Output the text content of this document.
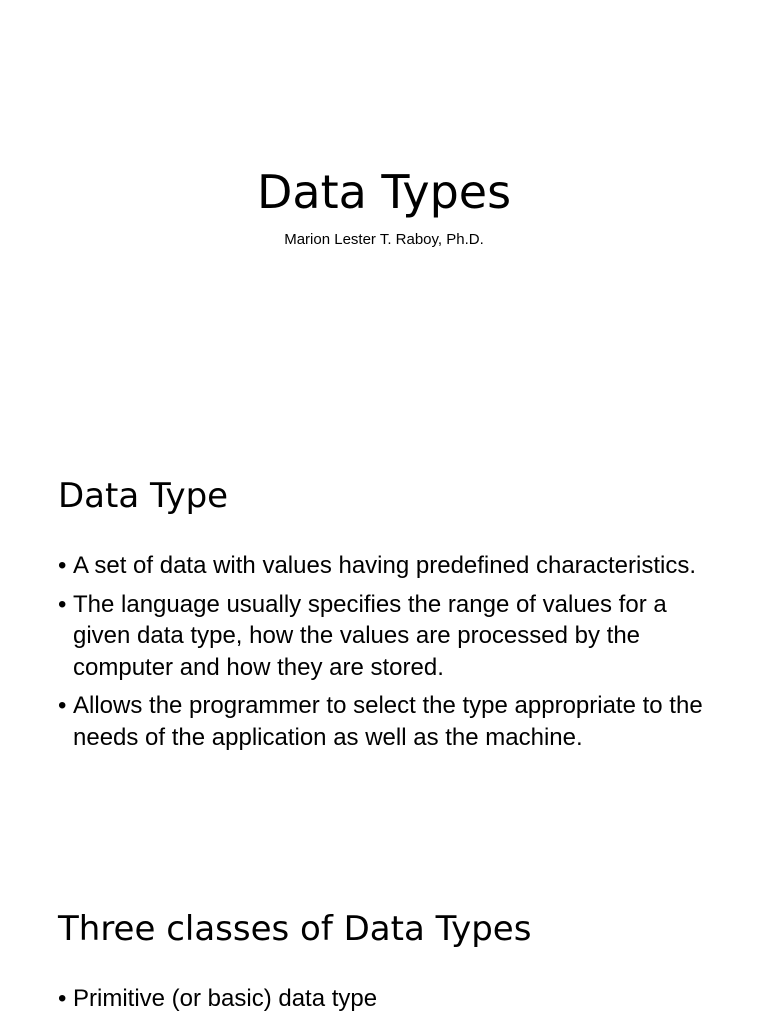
Data Types

Marion Lester T. Raboy, Ph.D.

Data Type
• A set of data with values having predefined characteristics.
• The language usually specifies the range of values for a given data type, how the values are processed by the computer and how they are stored.
• Allows the programmer to select the type appropriate to the needs of the application as well as the machine.
Three classes of Data Types
• Primitive (or basic) data type
